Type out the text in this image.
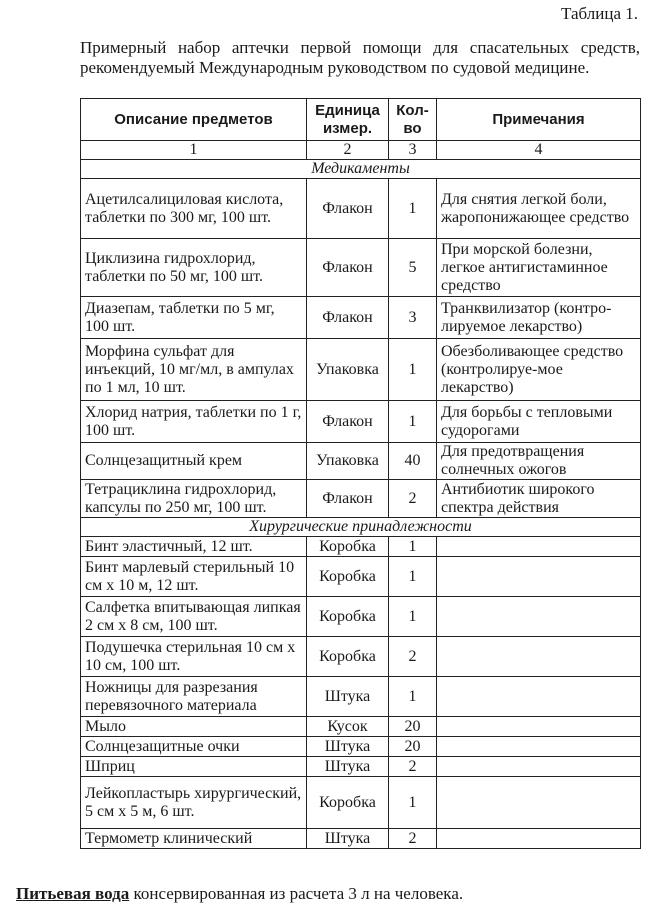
Таблица 1.
Примерный набор аптечки первой помощи для спасательных средств, рекомендуемый Международным руководством по судовой медицине.
Описание предметов	Единица измер.	Кол-во	Примечания
1	2	3	4
Медикаменты			
Ацетилсалициловая кислота, таблетки по 300 мг, 100 шт.	Флакон	1	Для снятия легкой боли, жаропонижающее средство
Циклизина гидрохлорид, таблетки по 50 мг, 100 шт.	Флакон	5	При морской болезни, легкое антигистаминное средство
Диазепам, таблетки по 5 мг, 100 шт.	Флакон	3	Транквилизатор (контро-лируемое лекарство)
Морфина сульфат для инъекций, 10 мг/мл, в ампулах по 1 мл, 10 шт.	Упаковка	1	Обезболивающее средство (контролируе-мое лекарство)
Хлорид натрия, таблетки по 1 г, 100 шт.	Флакон	1	Для борьбы с тепловыми судорогами
Солнцезащитный крем	Упаковка	40	Для предотвращения солнечных ожогов
Тетрациклина гидрохлорид, капсулы по 250 мг, 100 шт.	Флакон	2	Антибиотик широкого спектра действия
Хирургические принадлежности			
Бинт эластичный, 12 шт.	Коробка	1	
Бинт марлевый стерильный 10 см х 10 м, 12 шт.	Коробка	1	
Салфетка впитывающая липкая 2 см х 8 см, 100 шт.	Коробка	1	
Подушечка стерильная 10 см х 10 см, 100 шт.	Коробка	2	
Ножницы для разрезания перевязочного материала	Штука	1	
Мыло	Кусок	20	
Солнцезащитные очки	Штука	20	
Шприц	Штука	2	
Лейкопластырь хирургический, 5 см х 5 м, 6 шт.	Коробка	1	
Термометр клинический	Штука	2	
Питьевая вода консервированная из расчета 3 л на человека.
